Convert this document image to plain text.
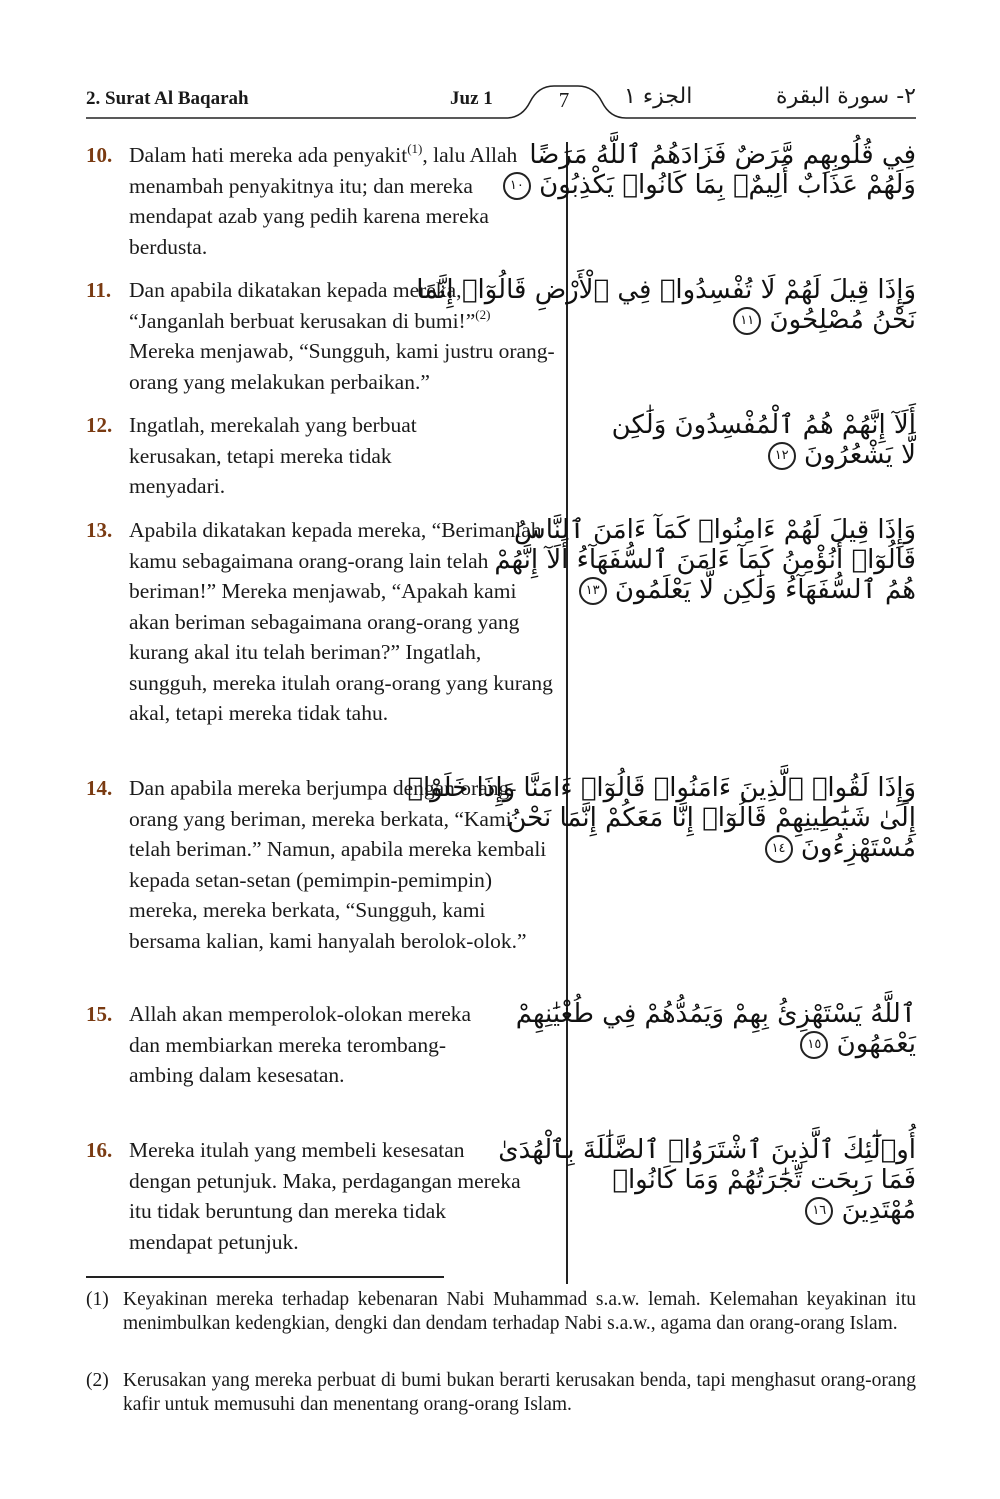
2. Surat Al Baqarah	Juz 1	7	الجزء ١	٢- سورة البقرة
10. Dalam hati mereka ada penyakit$^{(1)}$, lalu Allah menambah penyakitnya itu; dan mereka mendapat azab yang pedih karena mereka berdusta.
فِي قُلُوبِهِم مَّرَضٌ فَزَادَهُمُ ٱللَّهُ مَرَضًا
وَلَهُمْ عَذَابٌ أَلِيمٌۢ بِمَا كَانُوا۟ يَكْذِبُونَ ١٠
11. Dan apabila dikatakan kepada mereka, “Janganlah berbuat kerusakan di bumi!”$^{(2)}$ Mereka menjawab, “Sungguh, kami justru orang-orang yang melakukan perbaikan.”
وَإِذَا قِيلَ لَهُمْ لَا تُفْسِدُوا۟ فِي ٱلْأَرْضِ قَالُوٓا۟ إِنَّمَا
نَحْنُ مُصْلِحُونَ ١١
12. Ingatlah, merekalah yang berbuat kerusakan, tetapi mereka tidak menyadari.
أَلَآ إِنَّهُمْ هُمُ ٱلْمُفْسِدُونَ وَلَٰكِن
لَّا يَشْعُرُونَ ١٢
13. Apabila dikatakan kepada mereka, “Berimanlah kamu sebagaimana orang-orang lain telah beriman!” Mereka menjawab, “Apakah kami akan beriman sebagaimana orang-orang yang kurang akal itu telah beriman?” Ingatlah, sungguh, mereka itulah orang-orang yang kurang akal, tetapi mereka tidak tahu.
وَإِذَا قِيلَ لَهُمْ ءَامِنُوا۟ كَمَآ ءَامَنَ ٱلنَّاسُ
قَالُوٓا۟ أَنُؤْمِنُ كَمَآ ءَامَنَ ٱلسُّفَهَآءُ أَلَآ إِنَّهُمْ
هُمُ ٱلسُّفَهَآءُ وَلَٰكِن لَّا يَعْلَمُونَ ١٣
14. Dan apabila mereka berjumpa dengan orang-orang yang beriman, mereka berkata, “Kami telah beriman.” Namun, apabila mereka kembali kepada setan-setan (pemimpin-pemimpin) mereka, mereka berkata, “Sungguh, kami bersama kalian, kami hanyalah berolok-olok.”
وَإِذَا لَقُوا۟ ٱلَّذِينَ ءَامَنُوا۟ قَالُوٓا۟ ءَامَنَّا وَإِذَا خَلَوْا۟
إِلَىٰ شَيَٰطِينِهِمْ قَالُوٓا۟ إِنَّا مَعَكُمْ إِنَّمَا نَحْنُ
مُسْتَهْزِءُونَ ١٤
15. Allah akan memperolok-olokan mereka dan membiarkan mereka terombang-ambing dalam kesesatan.
ٱللَّهُ يَسْتَهْزِئُ بِهِمْ وَيَمُدُّهُمْ فِي طُغْيَٰنِهِمْ
يَعْمَهُونَ ١٥
16. Mereka itulah yang membeli kesesatan dengan petunjuk. Maka, perdagangan mereka itu tidak beruntung dan mereka tidak mendapat petunjuk.
أُو۟لَٰٓئِكَ ٱلَّذِينَ ٱشْتَرَوُا۟ ٱلضَّلَٰلَةَ بِٱلْهُدَىٰ
فَمَا رَبِحَت تِّجَٰرَتُهُمْ وَمَا كَانُوا۟
مُهْتَدِينَ ١٦
(1) Keyakinan mereka terhadap kebenaran Nabi Muhammad s.a.w. lemah. Kelemahan keyakinan itu menimbulkan kedengkian, dengki dan dendam terhadap Nabi s.a.w., agama dan orang-orang Islam.
(2) Kerusakan yang mereka perbuat di bumi bukan berarti kerusakan benda, tapi menghasut orang-orang kafir untuk memusuhi dan menentang orang-orang Islam.
